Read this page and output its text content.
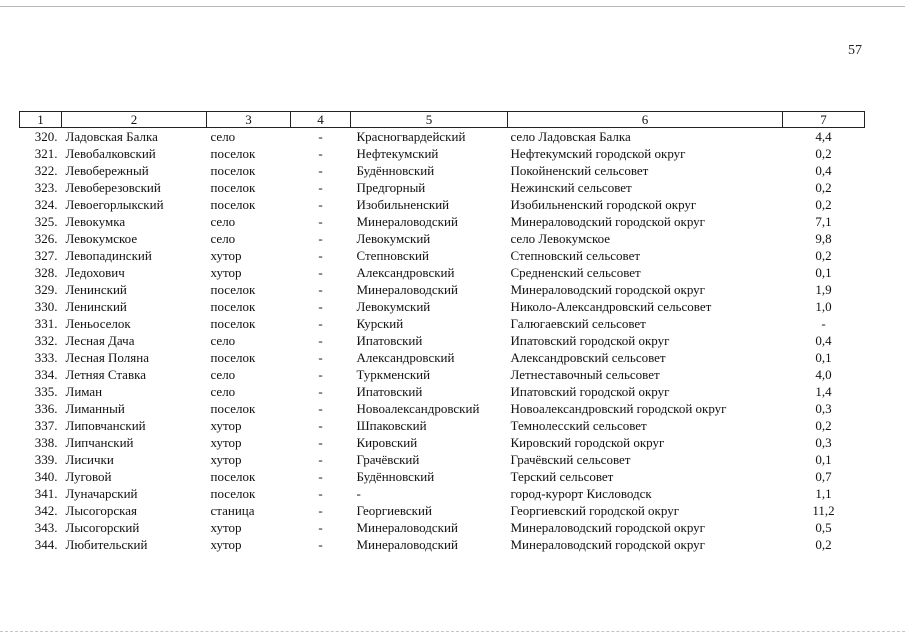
57
1	2	3	4	5	6	7
320.	Ладовская Балка	село	-	Красногвардейский	село Ладовская Балка	4,4
321.	Левобалковский	поселок	-	Нефтекумский	Нефтекумский городской округ	0,2
322.	Левобережный	поселок	-	Будённовский	Покойненский сельсовет	0,4
323.	Левоберезовский	поселок	-	Предгорный	Нежинский сельсовет	0,2
324.	Левоегорлыкский	поселок	-	Изобильненский	Изобильненский городской округ	0,2
325.	Левокумка	село	-	Минераловодский	Минераловодский городской округ	7,1
326.	Левокумское	село	-	Левокумский	село Левокумское	9,8
327.	Левопадинский	хутор	-	Степновский	Степновский сельсовет	0,2
328.	Ледохович	хутор	-	Александровский	Средненский сельсовет	0,1
329.	Ленинский	поселок	-	Минераловодский	Минераловодский городской округ	1,9
330.	Ленинский	поселок	-	Левокумский	Николо-Александровский сельсовет	1,0
331.	Леньоселок	поселок	-	Курский	Галюгаевский сельсовет	-
332.	Лесная Дача	село	-	Ипатовский	Ипатовский городской округ	0,4
333.	Лесная Поляна	поселок	-	Александровский	Александровский сельсовет	0,1
334.	Летняя Ставка	село	-	Туркменский	Летнеставочный сельсовет	4,0
335.	Лиман	село	-	Ипатовский	Ипатовский городской округ	1,4
336.	Лиманный	поселок	-	Новоалександровский	Новоалександровский городской округ	0,3
337.	Липовчанский	хутор	-	Шпаковский	Темнолесский сельсовет	0,2
338.	Липчанский	хутор	-	Кировский	Кировский городской округ	0,3
339.	Лисички	хутор	-	Грачёвский	Грачёвский сельсовет	0,1
340.	Луговой	поселок	-	Будённовский	Терский сельсовет	0,7
341.	Луначарский	поселок	-	-	город-курорт Кисловодск	1,1
342.	Лысогорская	станица	-	Георгиевский	Георгиевский городской округ	11,2
343.	Лысогорский	хутор	-	Минераловодский	Минераловодский городской округ	0,5
344.	Любительский	хутор	-	Минераловодский	Минераловодский городской округ	0,2
